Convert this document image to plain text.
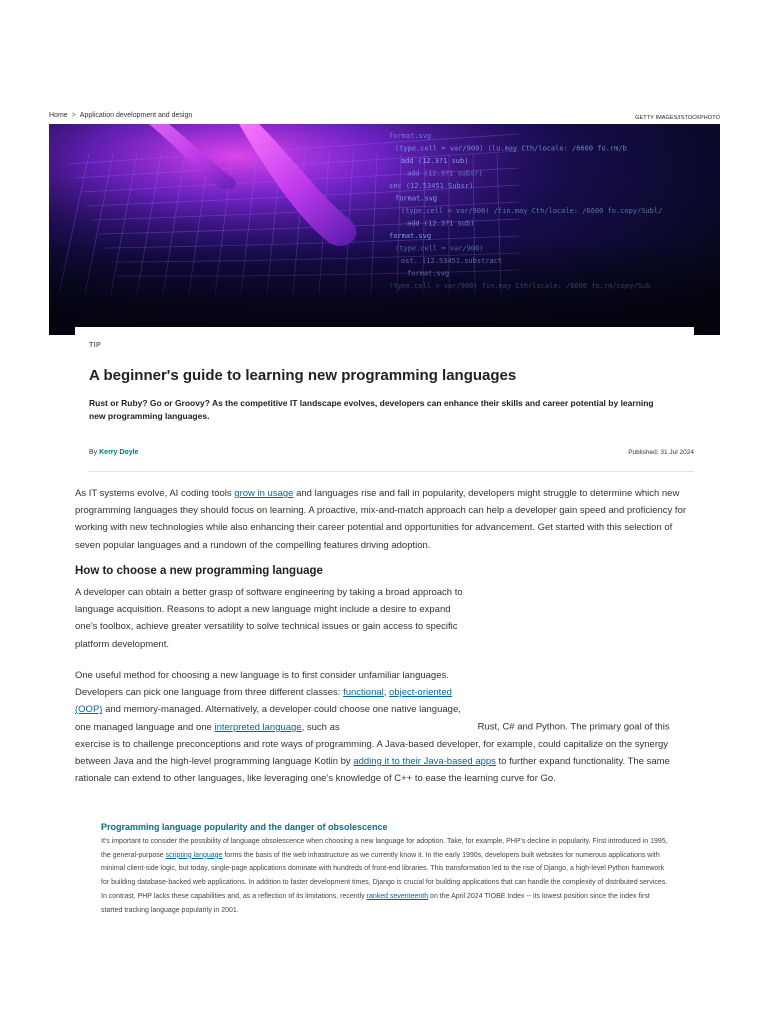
Home > Application development and design	GETTY IMAGES/ISTOCKPHOTO
TIP
A beginner's guide to learning new programming languages

Rust or Ruby? Go or Groovy? As the competitive IT landscape evolves, developers can enhance their skills and career potential by learning new programming languages.

By Kerry Doyle	Published: 31 Jul 2024

As IT systems evolve, AI coding tools grow in usage and languages rise and fall in popularity, developers might struggle to determine which new programming languages they should focus on learning. A proactive, mix-and-match approach can help a developer gain speed and proficiency for working with new technologies while also enhancing their career potential and opportunities for advancement. Get started with this selection of seven popular languages and a rundown of the compelling features driving adoption.

How to choose a new programming language

A developer can obtain a better grasp of software engineering by taking a broad approach to language acquisition. Reasons to adopt a new language might include a desire to expand one's toolbox, achieve greater versatility to solve technical issues or gain access to specific platform development.

One useful method for choosing a new language is to first consider unfamiliar languages. Developers can pick one language from three different classes: functional, object-oriented (OOP) and memory-managed. Alternatively, a developer could choose one native language, one managed language and one interpreted language, such as	Rust, C# and Python. The primary goal of this exercise is to challenge preconceptions and rote ways of programming. A Java-based developer, for example, could capitalize on the synergy between Java and the high-level programming language Kotlin by adding it to their Java-based apps to further expand functionality. The same rationale can extend to other languages, like leveraging one's knowledge of C++ to ease the learning curve for Go.

Programming language popularity and the danger of obsolescence

It's important to consider the possibility of language obsolescence when choosing a new language for adoption. Take, for example, PHP's decline in popularity. First introduced in 1995, the general-purpose scripting language forms the basis of the web infrastructure as we currently know it. In the early 1990s, developers built websites for numerous applications with minimal client-side logic, but today, single-page applications dominate with hundreds of front-end libraries. This transformation led to the rise of Django, a high-level Python framework for building database-backed web applications. In addition to faster development times, Django is crucial for building applications that can handle the complexity of distributed services. In contrast, PHP lacks these capabilities and, as a reflection of its limitations, recently ranked seventeenth on the April 2024 TIOBE Index -- its lowest position since the index first started tracking language popularity in 2001.
